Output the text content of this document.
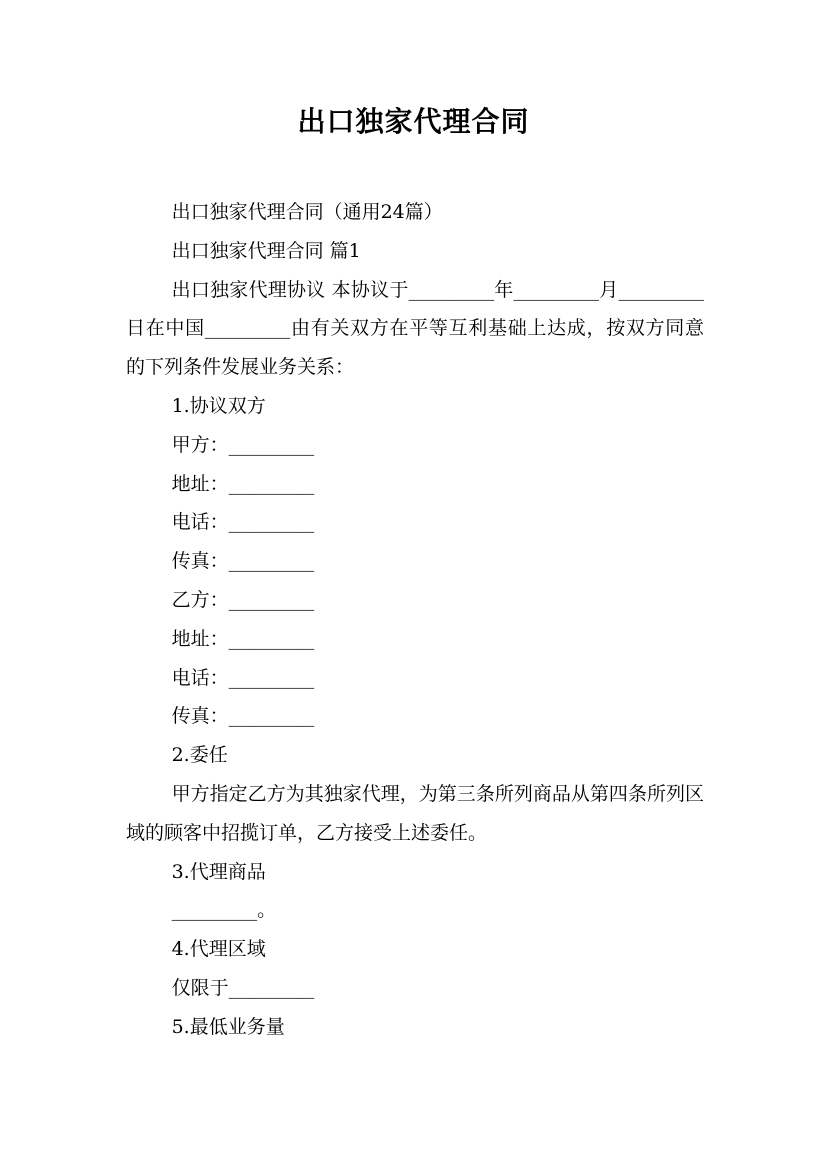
出口独家代理合同

出口独家代理合同（通用24篇）

出口独家代理合同 篇1

出口独家代理协议 本协议于_________年_________月_________日在中国_________由有关双方在平等互利基础上达成，按双方同意的下列条件发展业务关系：

1.协议双方

甲方：_________

地址：_________

电话：_________

传真：_________

乙方：_________

地址：_________

电话：_________

传真：_________

2.委任

甲方指定乙方为其独家代理，为第三条所列商品从第四条所列区域的顾客中招揽订单，乙方接受上述委任。

3.代理商品

_________。

4.代理区域

仅限于_________

5.最低业务量
